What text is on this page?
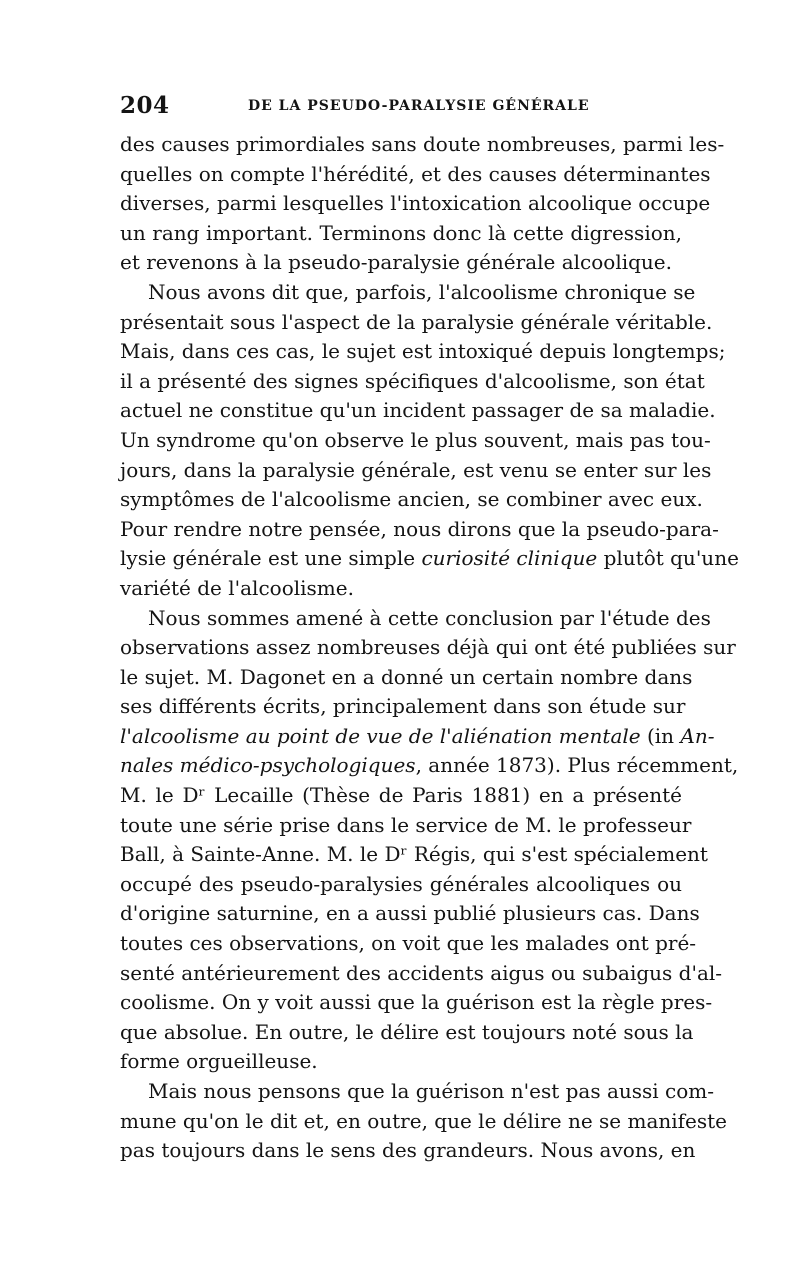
204	DE LA PSEUDO-PARALYSIE GÉNÉRALE
des causes primordiales sans doute nombreuses, parmi les-
quelles on compte l'hérédité, et des causes déterminantes
diverses, parmi lesquelles l'intoxication alcoolique occupe
un rang important. Terminons donc là cette digression,
et revenons à la pseudo-paralysie générale alcoolique.
Nous avons dit que, parfois, l'alcoolisme chronique se
présentait sous l'aspect de la paralysie générale véritable.
Mais, dans ces cas, le sujet est intoxiqué depuis longtemps;
il a présenté des signes spécifiques d'alcoolisme, son état
actuel ne constitue qu'un incident passager de sa maladie.
Un syndrome qu'on observe le plus souvent, mais pas tou-
jours, dans la paralysie générale, est venu se enter sur les
symptômes de l'alcoolisme ancien, se combiner avec eux.
Pour rendre notre pensée, nous dirons que la pseudo-para-
lysie générale est une simple curiosité clinique plutôt qu'une
variété de l'alcoolisme.
Nous sommes amené à cette conclusion par l'étude des
observations assez nombreuses déjà qui ont été publiées sur
le sujet. M. Dagonet en a donné un certain nombre dans
ses différents écrits, principalement dans son étude sur
l'alcoolisme au point de vue de l'aliénation mentale (in An-
nales médico-psychologiques, année 1873). Plus récemment,
M. le Dʳ Lecaille (Thèse de Paris 1881) en a présenté
toute une série prise dans le service de M. le professeur
Ball, à Sainte-Anne. M. le Dʳ Régis, qui s'est spécialement
occupé des pseudo-paralysies générales alcooliques ou
d'origine saturnine, en a aussi publié plusieurs cas. Dans
toutes ces observations, on voit que les malades ont pré-
senté antérieurement des accidents aigus ou subaigus d'al-
coolisme. On y voit aussi que la guérison est la règle pres-
que absolue. En outre, le délire est toujours noté sous la
forme orgueilleuse.
Mais nous pensons que la guérison n'est pas aussi com-
mune qu'on le dit et, en outre, que le délire ne se manifeste
pas toujours dans le sens des grandeurs. Nous avons, en
